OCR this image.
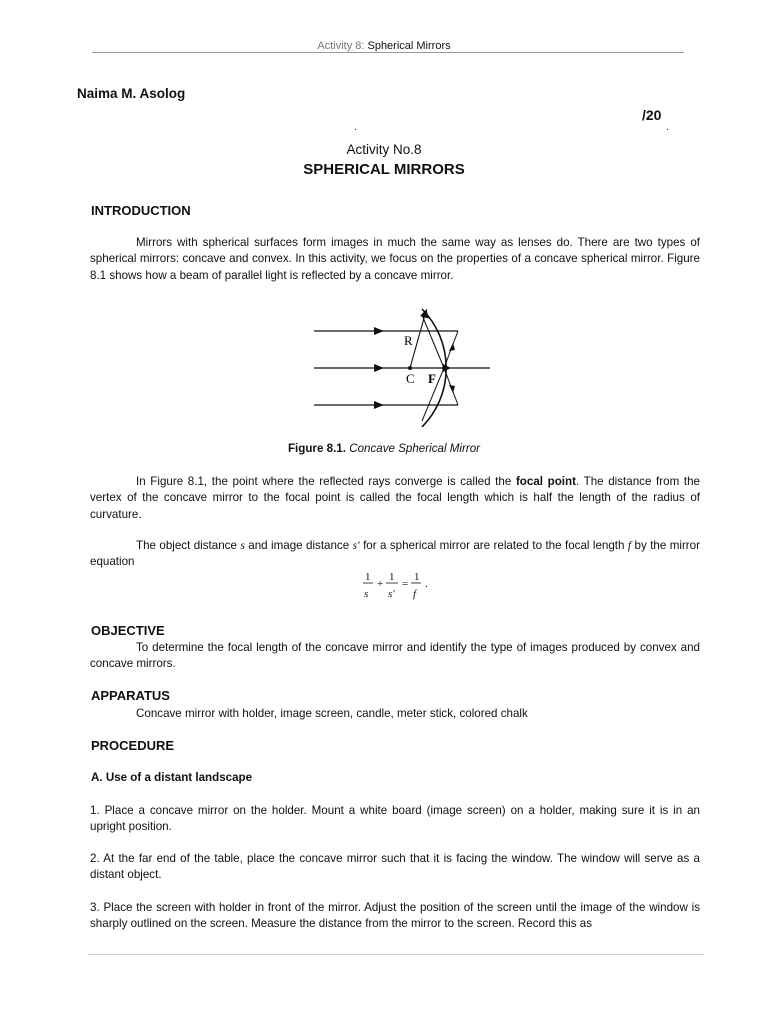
Activity 8: Spherical Mirrors
Naima M. Asolog
/20
.	.
Activity No.8
SPHERICAL MIRRORS
INTRODUCTION
Mirrors with spherical surfaces form images in much the same way as lenses do. There are two types of spherical mirrors: concave and convex. In this activity, we focus on the properties of a concave spherical mirror. Figure 8.1 shows how a beam of parallel light is reflected by a concave mirror.
R
C F
Figure 8.1. Concave Spherical Mirror
In Figure 8.1, the point where the reflected rays converge is called the focal point. The distance from the vertex of the concave mirror to the focal point is called the focal length which is half the length of the radius of curvature.
The object distance s and image distance s′ for a spherical mirror are related to the focal length f by the mirror equation
1
s
+
1
s'
=
1
f
.
OBJECTIVE
To determine the focal length of the concave mirror and identify the type of images produced by convex and concave mirrors.
APPARATUS
Concave mirror with holder, image screen, candle, meter stick, colored chalk
PROCEDURE
A. Use of a distant landscape
1. Place a concave mirror on the holder. Mount a white board (image screen) on a holder, making sure it is in an upright position.
2. At the far end of the table, place the concave mirror such that it is facing the window. The window will serve as a distant object.
3. Place the screen with holder in front of the mirror. Adjust the position of the screen until the image of the window is sharply outlined on the screen. Measure the distance from the mirror to the screen. Record this as
